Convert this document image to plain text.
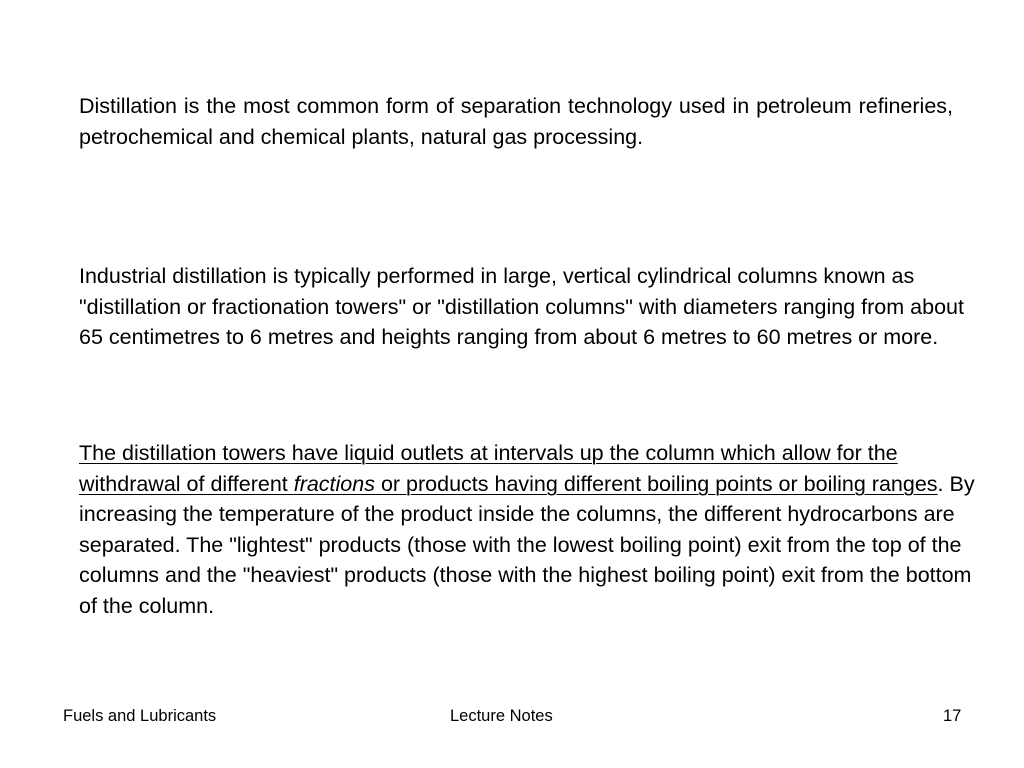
Distillation is the most common form of separation technology used in petroleum refineries, petrochemical and chemical plants, natural gas processing.
Industrial distillation is typically performed in large, vertical cylindrical columns known as "distillation or fractionation towers" or "distillation columns" with diameters ranging from about 65 centimetres to 6 metres and heights ranging from about 6 metres to 60 metres or more.
The distillation towers have liquid outlets at intervals up the column which allow for the withdrawal of different fractions or products having different boiling points or boiling ranges. By increasing the temperature of the product inside the columns, the different hydrocarbons are separated. The "lightest" products (those with the lowest boiling point) exit from the top of the columns and the "heaviest" products (those with the highest boiling point) exit from the bottom of the column.
Fuels and Lubricants	Lecture Notes	17
